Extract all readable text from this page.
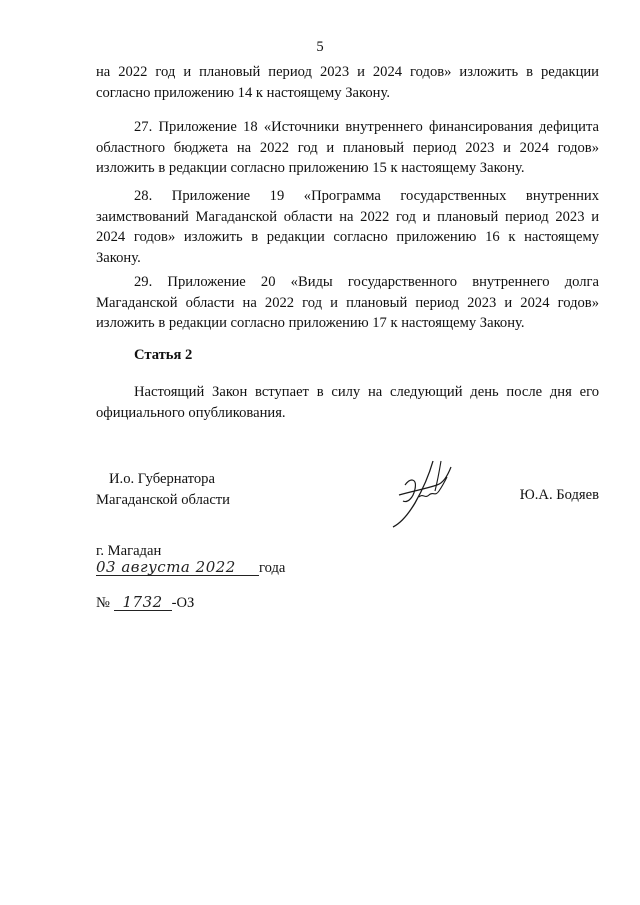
5

на 2022 год и плановый период 2023 и 2024 годов» изложить в редакции согласно приложению 14 к настоящему Закону.

27. Приложение 18 «Источники внутреннего финансирования дефицита областного бюджета на 2022 год и плановый период 2023 и 2024 годов» изложить в редакции согласно приложению 15 к настоящему Закону.

28. Приложение 19 «Программа государственных внутренних заимствований Магаданской области на 2022 год и плановый период 2023 и 2024 годов» изложить в редакции согласно приложению 16 к настоящему Закону.

29. Приложение 20 «Виды государственного внутреннего долга Магаданской области на 2022 год и плановый период 2023 и 2024 годов» изложить в редакции согласно приложению 17 к настоящему Закону.

Статья 2

Настоящий Закон вступает в силу на следующий день после дня его официального опубликования.

И.о. Губернатора
Магаданской области	Ю.А. Бодяев
г. Магадан
03 августа 2022 года
№ 1732 -ОЗ
